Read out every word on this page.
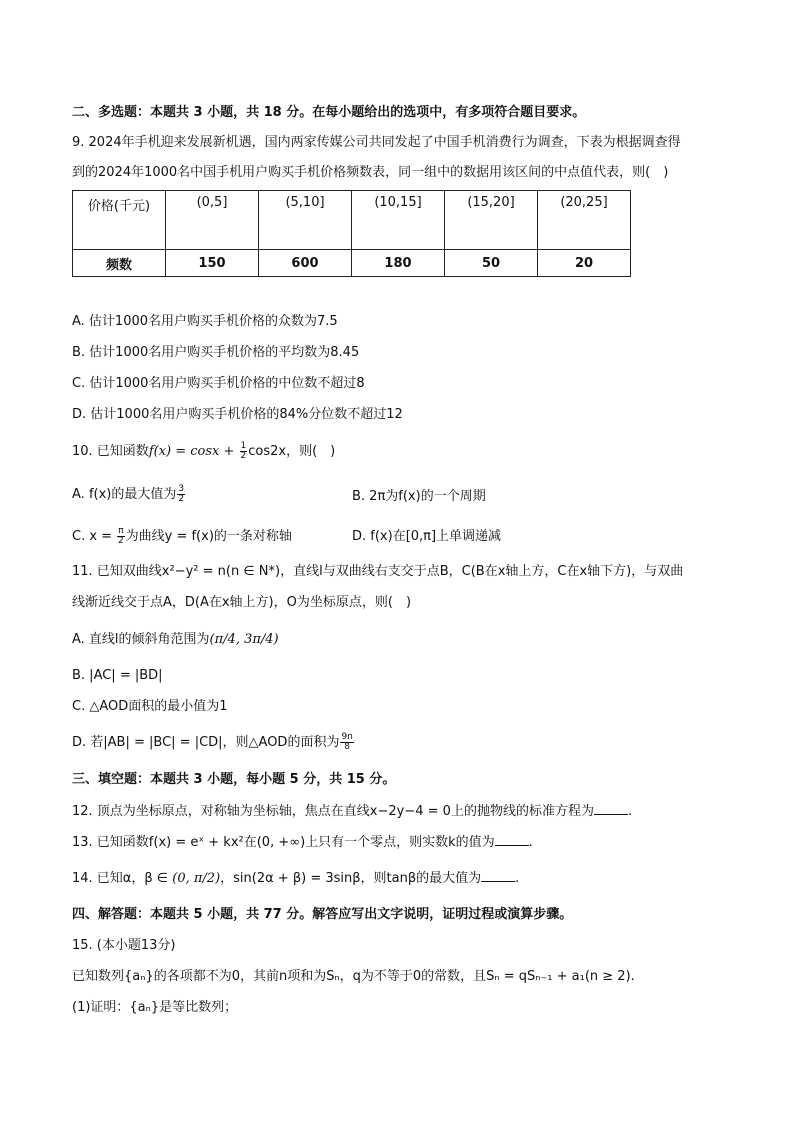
二、多选题：本题共 3 小题，共 18 分。在每小题给出的选项中，有多项符合题目要求。
9. 2024年手机迎来发展新机遇，国内两家传媒公司共同发起了中国手机消费行为调查，下表为根据调查得
到的2024年1000名中国手机用户购买手机价格频数表，同一组中的数据用该区间的中点值代表，则(　)
价格(千元)	(0,5]	(5,10]	(10,15]	(15,20]	(20,25]
频数	150	600	180	50	20
A. 估计1000名用户购买手机价格的众数为7.5
B. 估计1000名用户购买手机价格的平均数为8.45
C. 估计1000名用户购买手机价格的中位数不超过8
D. 估计1000名用户购买手机价格的84%分位数不超过12
10. 已知函数$f(x) = \cos x + \frac{1}{2} \cos 2x$，则(　)
A. f(x)的最大值为 $\frac{3}{2}$	B. 2π为f(x)的一个周期
C. $x = \frac{\pi}{2}$ 为曲线y = f(x)的一条对称轴	D. f(x)在[0,π]上单调递减
11. 已知双曲线x²−y² = n(n ∈ N*)，直线l与双曲线右支交于点B，C(B在x轴上方，C在x轴下方)，与双曲
线渐近线交于点A，D(A在x轴上方)，O为坐标原点，则(　)
A. 直线l的倾斜角范围为(π/4, 3π/4)
B. |AC| = |BD|
C. △AOD面积的最小值为1
D. 若|AB| = |BC| = |CD|，则△AOD的面积为 $\frac{9n}{8}$
三、填空题：本题共 3 小题，每小题 5 分，共 15 分。
12. 顶点为坐标原点，对称轴为坐标轴，焦点在直线x−2y−4 = 0上的抛物线的标准方程为	.
13. 已知函数f(x) = eˣ + kx²在(0, +∞)上只有一个零点，则实数k的值为	.
14. 已知α，β ∈ (0, π/2)，sin(2α + β) = 3sinβ，则tanβ的最大值为	.
四、解答题：本题共 5 小题，共 77 分。解答应写出文字说明，证明过程或演算步骤。
15. (本小题13分)
已知数列{aₙ}的各项都不为0，其前n项和为Sₙ，q为不等于0的常数，且Sₙ = qSₙ₋₁ + a₁(n ≥ 2).
(1)证明：{aₙ}是等比数列；
